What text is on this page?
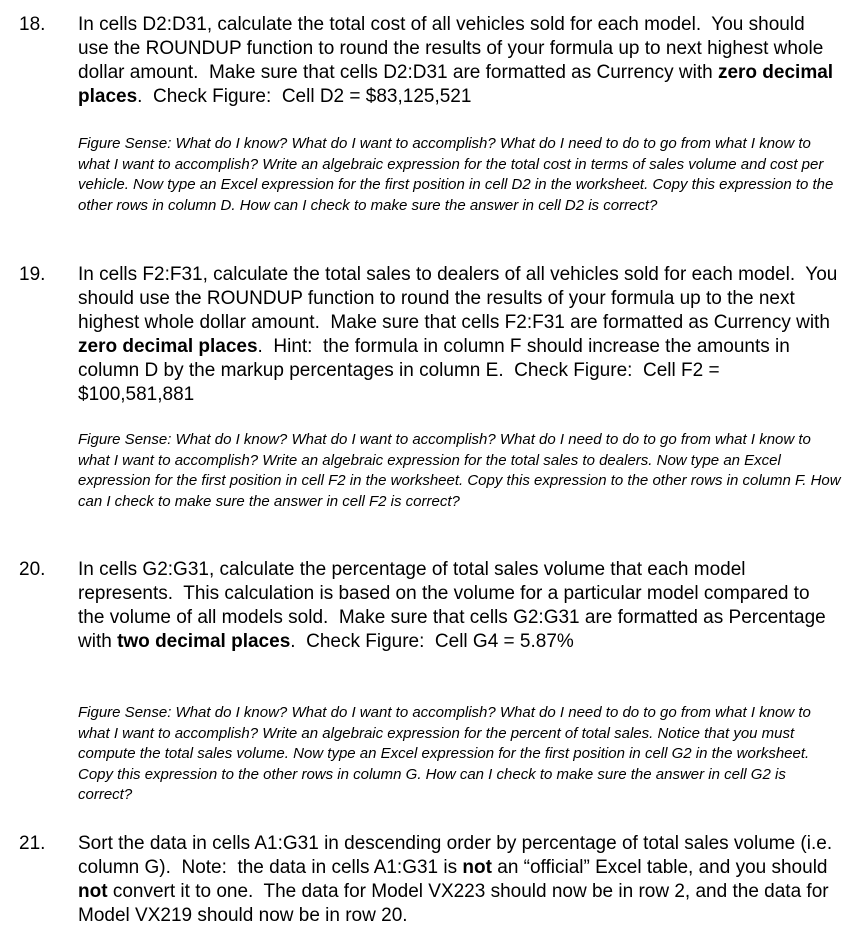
18. In cells D2:D31, calculate the total cost of all vehicles sold for each model.  You should use the ROUNDUP function to round the results of your formula up to next highest whole dollar amount.  Make sure that cells D2:D31 are formatted as Currency with zero decimal places.  Check Figure:  Cell D2 = $83,125,521
Figure Sense: What do I know? What do I want to accomplish? What do I need to do to go from what I know to what I want to accomplish? Write an algebraic expression for the total cost in terms of sales volume and cost per vehicle. Now type an Excel expression for the first position in cell D2 in the worksheet. Copy this expression to the other rows in column D. How can I check to make sure the answer in cell D2 is correct?
19. In cells F2:F31, calculate the total sales to dealers of all vehicles sold for each model.  You should use the ROUNDUP function to round the results of your formula up to the next highest whole dollar amount.  Make sure that cells F2:F31 are formatted as Currency with zero decimal places.  Hint:  the formula in column F should increase the amounts in column D by the markup percentages in column E.  Check Figure:  Cell F2 = $100,581,881
Figure Sense: What do I know? What do I want to accomplish? What do I need to do to go from what I know to what I want to accomplish? Write an algebraic expression for the total sales to dealers. Now type an Excel expression for the first position in cell F2 in the worksheet. Copy this expression to the other rows in column F. How can I check to make sure the answer in cell F2 is correct?
20. In cells G2:G31, calculate the percentage of total sales volume that each model represents.  This calculation is based on the volume for a particular model compared to the volume of all models sold.  Make sure that cells G2:G31 are formatted as Percentage with two decimal places.  Check Figure:  Cell G4 = 5.87%
Figure Sense: What do I know? What do I want to accomplish? What do I need to do to go from what I know to what I want to accomplish? Write an algebraic expression for the percent of total sales. Notice that you must compute the total sales volume. Now type an Excel expression for the first position in cell G2 in the worksheet. Copy this expression to the other rows in column G. How can I check to make sure the answer in cell G2 is correct?
21. Sort the data in cells A1:G31 in descending order by percentage of total sales volume (i.e. column G).  Note:  the data in cells A1:G31 is not an “official” Excel table, and you should not convert it to one.  The data for Model VX223 should now be in row 2, and the data for Model VX219 should now be in row 20.
